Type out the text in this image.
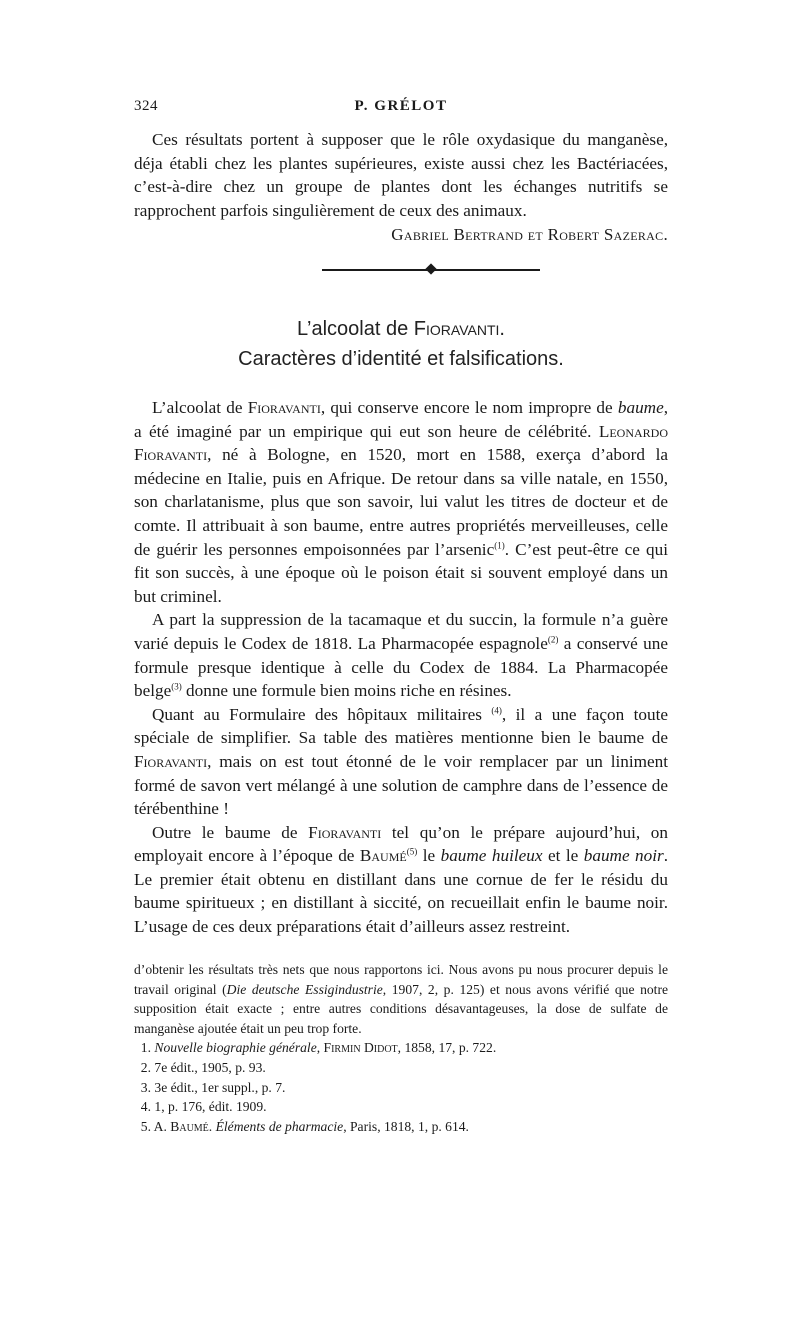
324	P. GRÉLOT

Ces résultats portent à supposer que le rôle oxydasique du manganèse, déja établi chez les plantes supérieures, existe aussi chez les Bactériacées, c’est-à-dire chez un groupe de plantes dont les échanges nutritifs se rapprochent parfois singulièrement de ceux des animaux.

Gabriel Bertrand et Robert Sazerac.
L’alcoolat de Fioravanti.
Caractères d’identité et falsifications.

L’alcoolat de Fioravanti, qui conserve encore le nom impropre de baume, a été imaginé par un empirique qui eut son heure de célébrité. Leonardo Fioravanti, né à Bologne, en 1520, mort en 1588, exerça d’abord la médecine en Italie, puis en Afrique. De retour dans sa ville natale, en 1550, son charlatanisme, plus que son savoir, lui valut les titres de docteur et de comte. Il attribuait à son baume, entre autres propriétés merveilleuses, celle de guérir les personnes empoisonnées par l’arsenic$^{(1)}$. C’est peut-être ce qui fit son succès, à une époque où le poison était si souvent employé dans un but criminel.

A part la suppression de la tacamaque et du succin, la formule n’a guère varié depuis le Codex de 1818. La Pharmacopée espagnole$^{(2)}$ a conservé une formule presque identique à celle du Codex de 1884. La Pharmacopée belge$^{(3)}$ donne une formule bien moins riche en résines.

Quant au Formulaire des hôpitaux militaires $^{(4)}$, il a une façon toute spéciale de simplifier. Sa table des matières mentionne bien le baume de Fioravanti, mais on est tout étonné de le voir remplacer par un liniment formé de savon vert mélangé à une solution de camphre dans de l’essence de térébenthine !

Outre le baume de Fioravanti tel qu’on le prépare aujourd’hui, on employait encore à l’époque de Baumé$^{(5)}$ le baume huileux et le baume noir. Le premier était obtenu en distillant dans une cornue de fer le résidu du baume spiritueux ; en distillant à siccité, on recueillait enfin le baume noir. L’usage de ces deux préparations était d’ailleurs assez restreint.

d’obtenir les résultats très nets que nous rapportons ici. Nous avons pu nous procurer depuis le travail original (Die deutsche Essigindustrie, 1907, 2, p. 125) et nous avons vérifié que notre supposition était exacte ; entre autres conditions désavantageuses, la dose de sulfate de manganèse ajoutée était un peu trop forte.

1. Nouvelle biographie générale, Firmin Didot, 1858, 17, p. 722.

2. 7e édit., 1905, p. 93.

3. 3e édit., 1er suppl., p. 7.

4. 1, p. 176, édit. 1909.

5. A. Baumé. Éléments de pharmacie, Paris, 1818, 1, p. 614.
